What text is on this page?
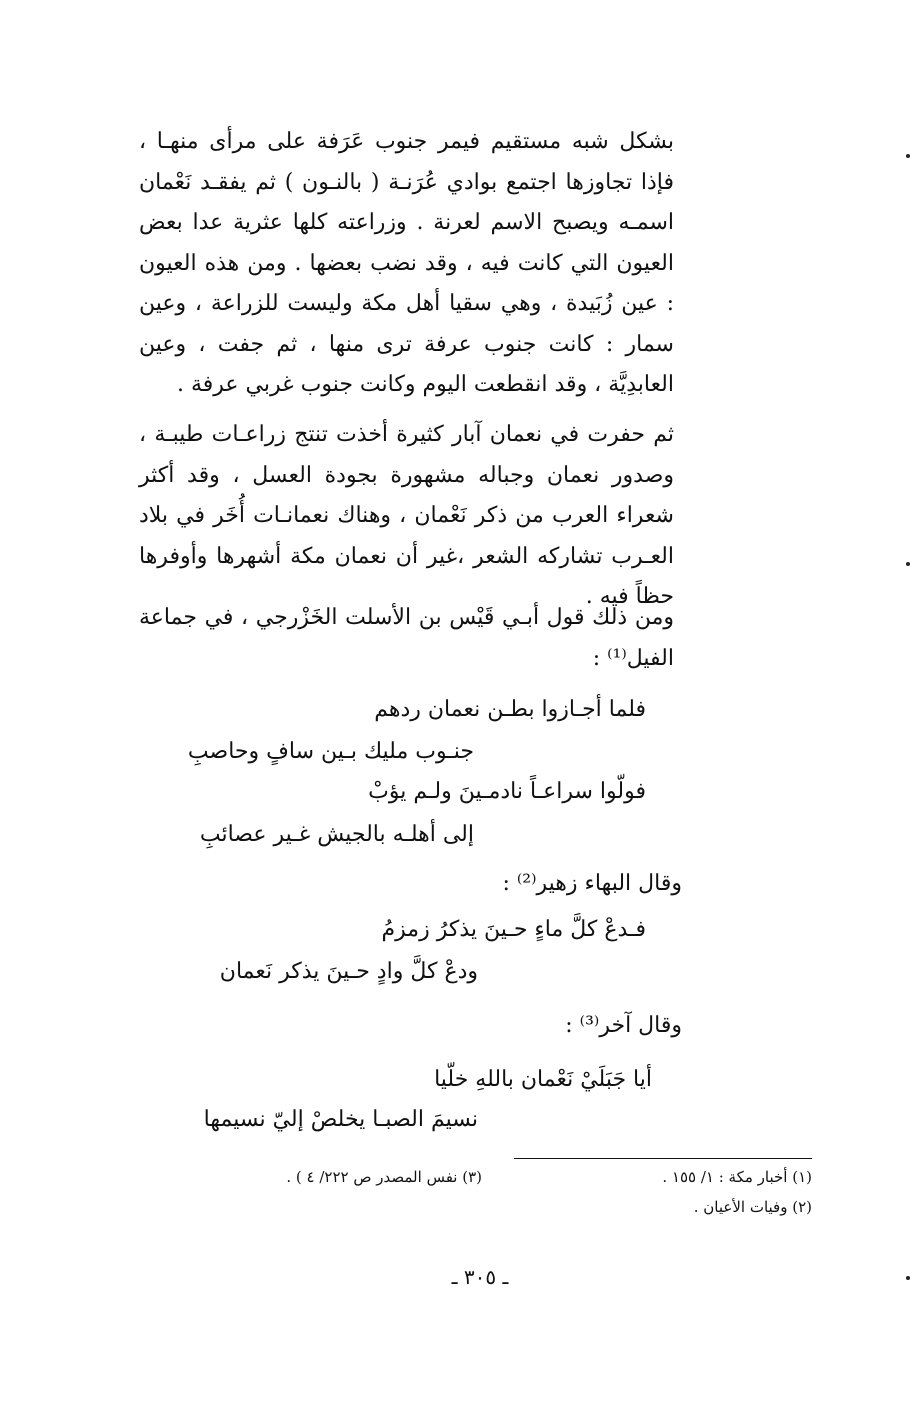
بشكل شبه مستقيم فيمر جنوب عَرَفة على مرأى منهـا ، فإذا تجاوزها اجتمع بوادي عُرَنـة ( بالنـون ) ثم يفقـد نَعْمان اسمـه ويصبح الاسم لعرنة . وزراعته كلها عثرية عدا بعض العيون التي كانت فيه ، وقد نضب بعضها . ومن هذه العيون : عين زُبَيدة ، وهي سقيا أهل مكة وليست للزراعة ، وعين سمار : كانت جنوب عرفة ترى منها ، ثم جفت ، وعين العابدِيَّة ، وقد انقطعت اليوم وكانت جنوب غربي عرفة .

ثم حفرت في نعمان آبار كثيرة أخذت تنتج زراعـات طيبـة ، وصدور نعمان وجباله مشهورة بجودة العسل ، وقد أكثر شعراء العرب من ذكر نَعْمان ، وهناك نعمانـات أُخَر في بلاد العـرب تشاركه الشعر ،غير أن نعمان مكة أشهرها وأوفرها حظاً فيه .

ومن ذلك قول أبـي قَيْس بن الأسلت الخَزْرجي ، في جماعة الفيل⁽¹⁾ :

فلما أجـازوا بطـن نعمان ردهم
جنـوب مليك بـين سافٍ وحاصبِ
فولّوا سراعـاً نادمـينَ ولـم يؤبْ
إلى أهلـه بالجيش غـير عصائبِ
وقال البهاء زهير⁽²⁾ :
فـدعْ كلَّ ماءٍ حـينَ يذكرُ زمزمُ
ودعْ كلَّ وادٍ حـينَ يذكر نَعمان
وقال آخر⁽³⁾ :
أيا جَبَلَيْ نَعْمان باللهِ خلّيا
نسيمَ الصبـا يخلصْ إليّ نسيمها
(١) أخبار مكة : ١/ ١٥٥ .
(٣) نفس المصدر ص ٢٢٢/ ٤ ) .
(٢) وفيات الأعيان .
ـ ٣٠٥ ـ
